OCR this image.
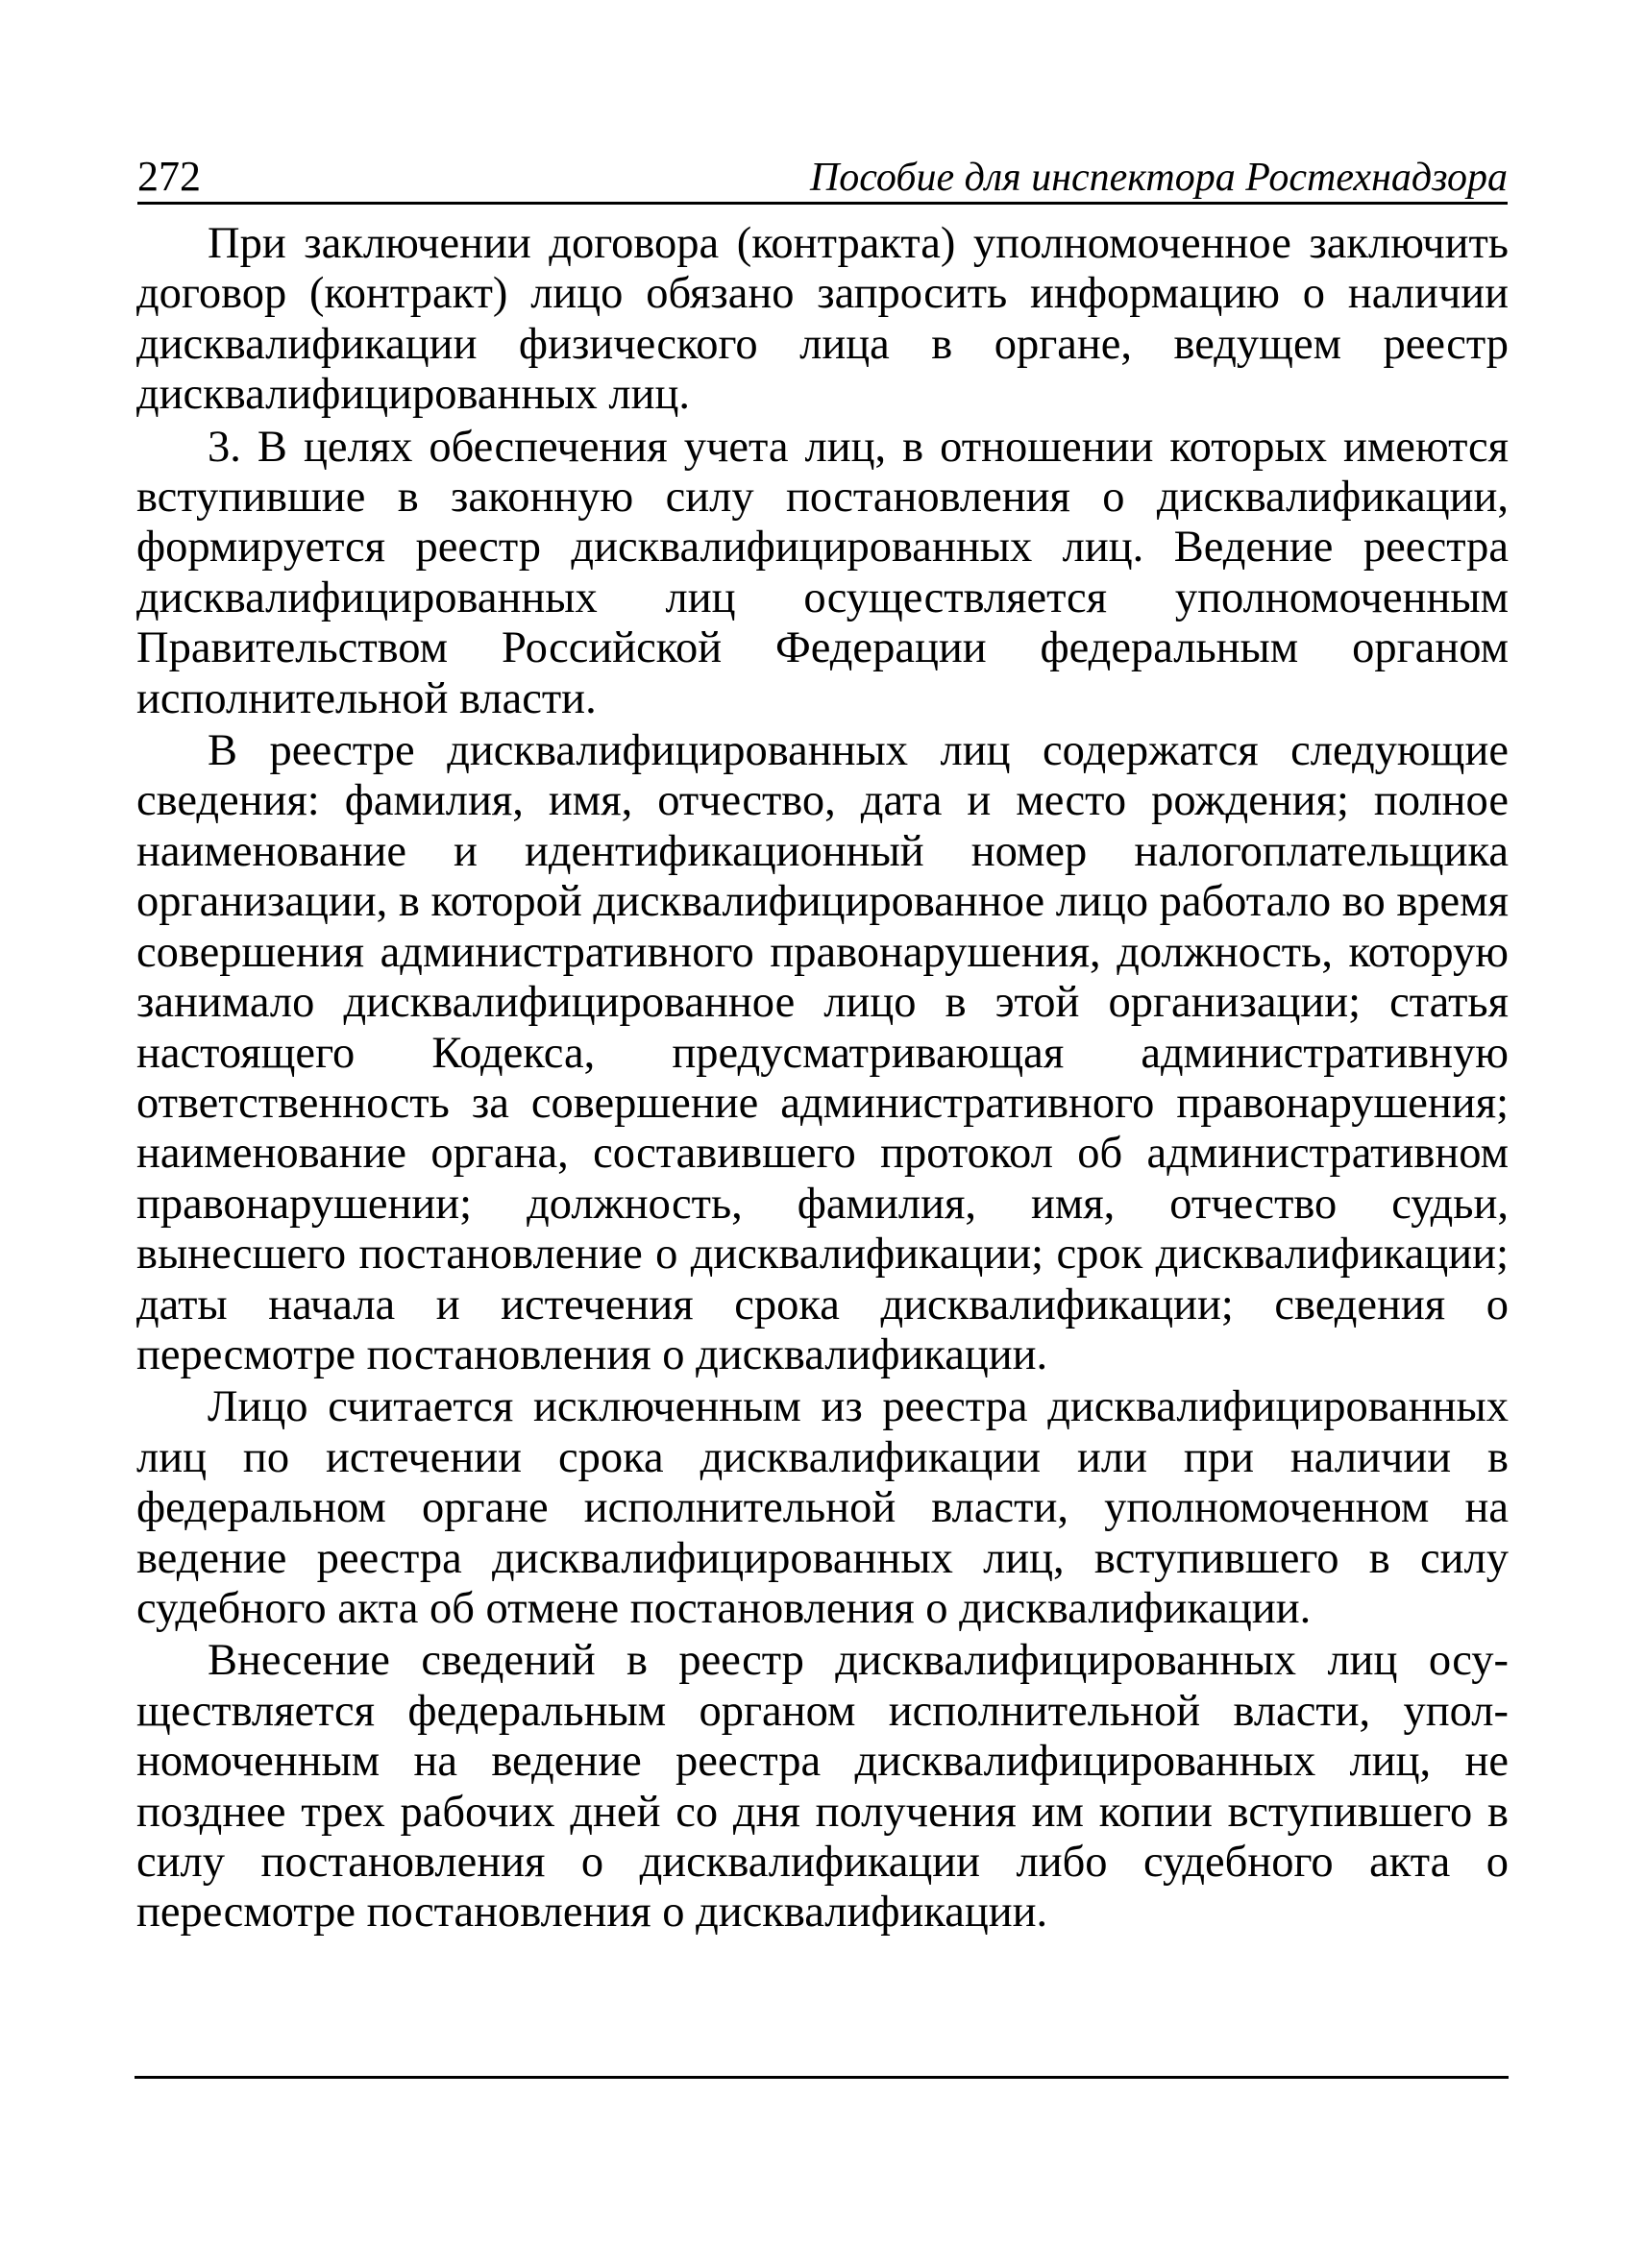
272	Пособие для инспектора Ростехнадзора

При заключении договора (контракта) уполномоченное заключить договор (контракт) лицо обязано запросить информацию о наличии дисквалификации физического лица в органе, ведущем реестр дисквалифицированных лиц.

3. В целях обеспечения учета лиц, в отношении которых имеются вступившие в законную силу постановления о дисквалификации, формируется реестр дисквалифицированных лиц. Ведение реестра дисквалифицированных лиц осуществляется уполномоченным Правительством Российской Федерации федеральным органом исполнительной власти.

В реестре дисквалифицированных лиц содержатся следующие сведения: фамилия, имя, отчество, дата и место рождения; полное наименование и идентификационный номер налогоплательщика организации, в которой дисквалифицированное лицо работало во время совершения административного правонарушения, должность, которую занимало дисквалифицированное лицо в этой организации; статья настоящего Кодекса, предусматривающая административную ответственность за совершение административного правонарушения; наименование органа, составившего протокол об административном правонарушении; должность, фамилия, имя, отчество судьи, вынесшего постановление о дисквалификации; срок дисквалификации; даты начала и истечения срока дисквалификации; сведения о пересмотре постановления о дисквалификации.

Лицо считается исключенным из реестра дисквалифицированных лиц по истечении срока дисквалификации или при наличии в федеральном органе исполнительной власти, уполномоченном на ведение реестра дисквалифицированных лиц, вступившего в силу судебного акта об отмене постановления о дисквалификации.

Внесение сведений в реестр дисквалифицированных лиц осуществляется федеральным органом исполнительной власти, уполномоченным на ведение реестра дисквалифицированных лиц, не позднее трех рабочих дней со дня получения им копии вступившего в силу постановления о дисквалификации либо судебного акта о пересмотре постановления о дисквалификации.
